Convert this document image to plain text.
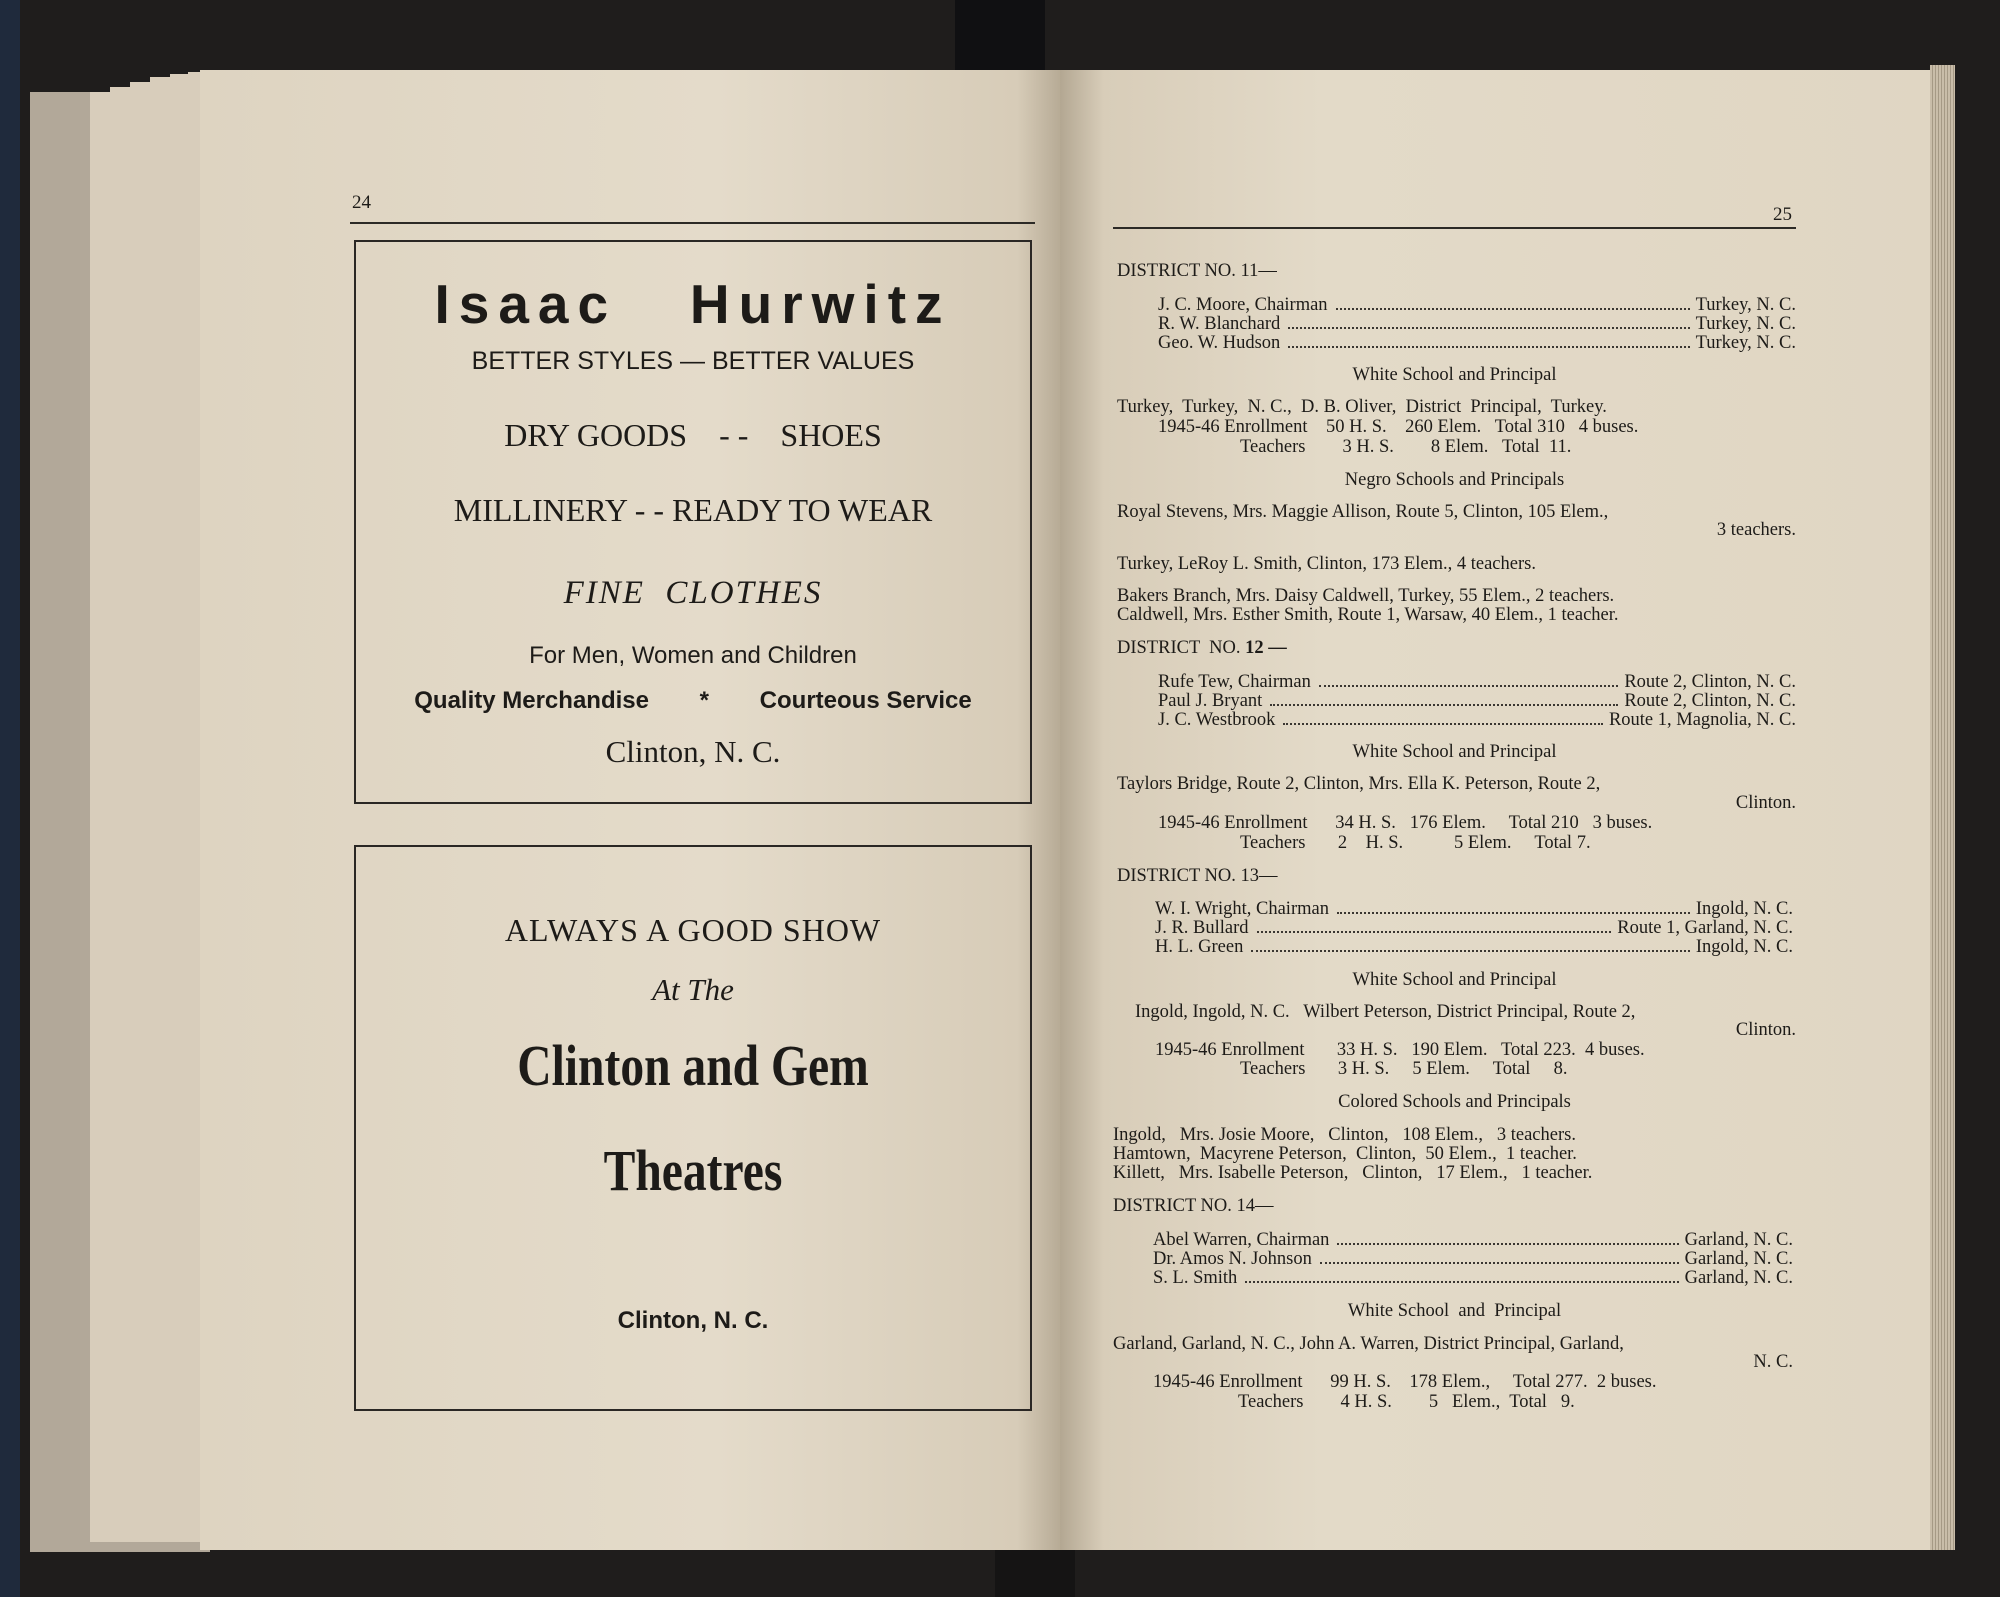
24
Isaac   Hurwitz
BETTER STYLES — BETTER VALUES
DRY GOODS    - -    SHOES
MILLINERY - - READY TO WEAR
FINE  CLOTHES
For Men, Women and Children
Quality Merchandise * Courteous Service
Clinton, N. C.
ALWAYS A GOOD SHOW
At The
Clinton and Gem
Theatres
Clinton, N. C.
25
DISTRICT NO. 11—
J. C. Moore, Chairman	Turkey, N. C.
R. W. Blanchard	Turkey, N. C.
Geo. W. Hudson	Turkey, N. C.
White School and Principal
Turkey,  Turkey,  N. C.,  D. B. Oliver,  District  Principal,  Turkey.
1945-46 Enrollment    50 H. S.    260 Elem.   Total 310   4 buses.
Teachers        3 H. S.        8 Elem.   Total  11.
Negro Schools and Principals
Royal Stevens, Mrs. Maggie Allison, Route 5, Clinton, 105 Elem.,
3 teachers.
Turkey, LeRoy L. Smith, Clinton, 173 Elem., 4 teachers.
Bakers Branch, Mrs. Daisy Caldwell, Turkey, 55 Elem., 2 teachers.
Caldwell, Mrs. Esther Smith, Route 1, Warsaw, 40 Elem., 1 teacher.
DISTRICT  NO. 12 —
Rufe Tew, Chairman	Route 2, Clinton, N. C.
Paul J. Bryant	Route 2, Clinton, N. C.
J. C. Westbrook	Route 1, Magnolia, N. C.
White School and Principal
Taylors Bridge, Route 2, Clinton, Mrs. Ella K. Peterson, Route 2,
Clinton.
1945-46 Enrollment      34 H. S.   176 Elem.     Total 210   3 buses.
Teachers       2    H. S.           5 Elem.     Total 7.
DISTRICT NO. 13—
W. I. Wright, Chairman	Ingold, N. C.
J. R. Bullard	Route 1, Garland, N. C.
H. L. Green	Ingold, N. C.
White School and Principal
Ingold, Ingold, N. C.   Wilbert Peterson, District Principal, Route 2,
Clinton.
1945-46 Enrollment       33 H. S.   190 Elem.   Total 223.  4 buses.
Teachers       3 H. S.     5 Elem.     Total     8.
Colored Schools and Principals
Ingold,   Mrs. Josie Moore,   Clinton,   108 Elem.,   3 teachers.
Hamtown,  Macyrene Peterson,  Clinton,  50 Elem.,  1 teacher.
Killett,   Mrs. Isabelle Peterson,   Clinton,   17 Elem.,   1 teacher.
DISTRICT NO. 14—
Abel Warren, Chairman	Garland, N. C.
Dr. Amos N. Johnson	Garland, N. C.
S. L. Smith	Garland, N. C.
White School  and  Principal
Garland, Garland, N. C., John A. Warren, District Principal, Garland,
N. C.
1945-46 Enrollment      99 H. S.    178 Elem.,     Total 277.  2 buses.
Teachers        4 H. S.        5   Elem.,  Total   9.
